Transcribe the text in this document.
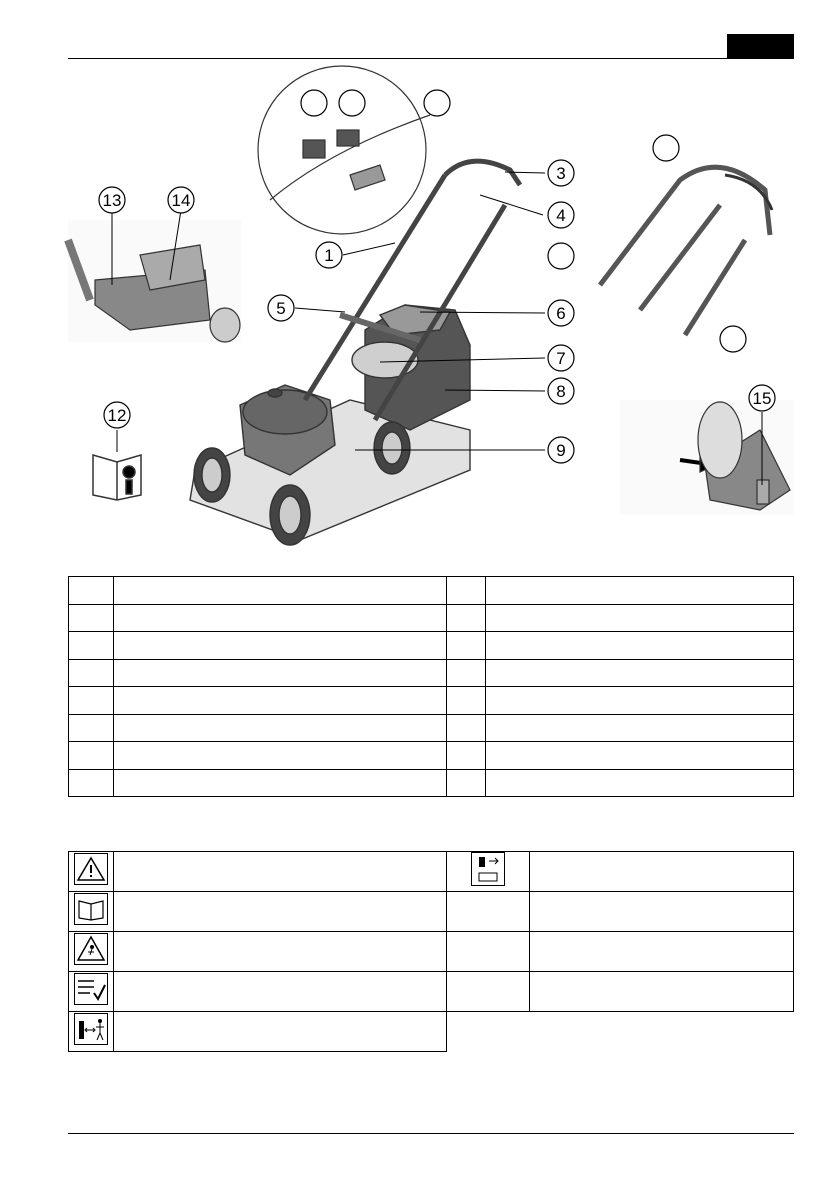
1
3
4
5	6
7
8
9
13	14
12
15
